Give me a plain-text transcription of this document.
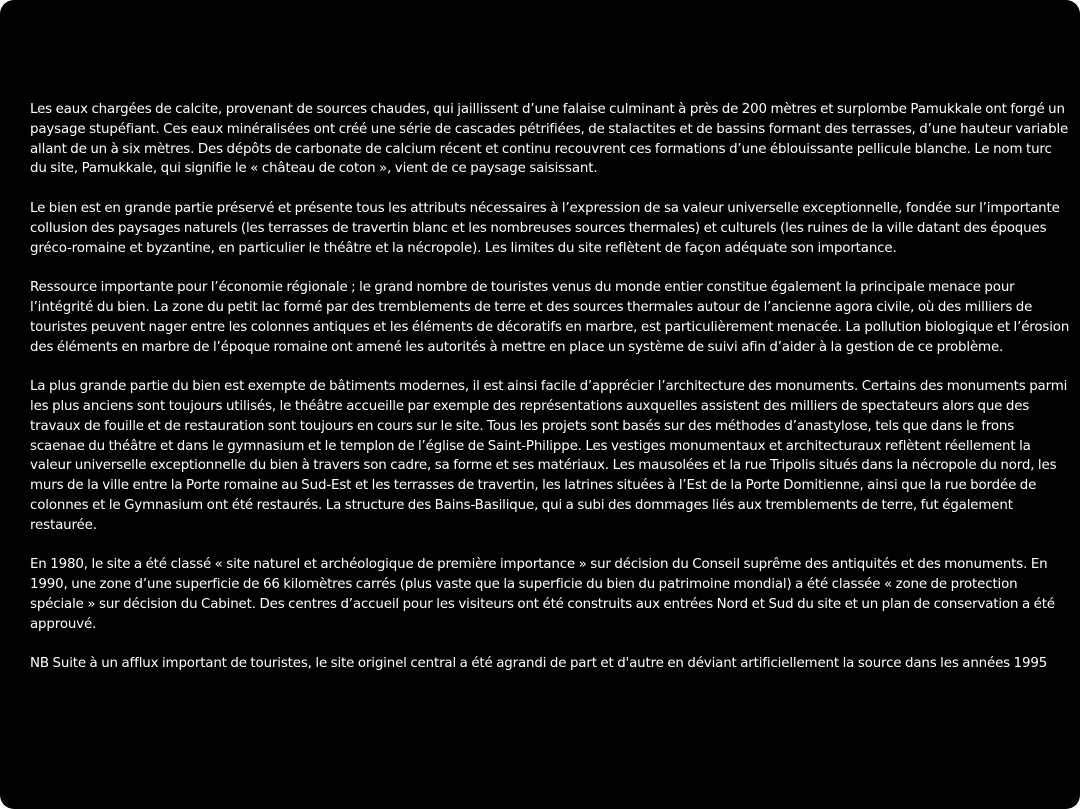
Les eaux chargées de calcite, provenant de sources chaudes, qui jaillissent d’une falaise culminant à près de 200 mètres et surplombe Pamukkale ont forgé un paysage stupéfiant. Ces eaux minéralisées ont créé une série de cascades pétrifiées, de stalactites et de bassins formant des terrasses, d’une hauteur variable allant de un à six mètres. Des dépôts de carbonate de calcium récent et continu recouvrent ces formations d’une éblouissante pellicule blanche. Le nom turc du site, Pamukkale, qui signifie le « château de coton », vient de ce paysage saisissant.

Le bien est en grande partie préservé et présente tous les attributs nécessaires à l’expression de sa valeur universelle exceptionnelle, fondée sur l’importante collusion des paysages naturels (les terrasses de travertin blanc et les nombreuses sources thermales) et culturels (les ruines de la ville datant des époques gréco-romaine et byzantine, en particulier le théâtre et la nécropole). Les limites du site reflètent de façon adéquate son importance.

Ressource importante pour l’économie régionale ; le grand nombre de touristes venus du monde entier constitue également la principale menace pour l’intégrité du bien. La zone du petit lac formé par des tremblements de terre et des sources thermales autour de l’ancienne agora civile, où des milliers de touristes peuvent nager entre les colonnes antiques et les éléments de décoratifs en marbre, est particulièrement menacée. La pollution biologique et l’érosion des éléments en marbre de l’époque romaine ont amené les autorités à mettre en place un système de suivi afin d’aider à la gestion de ce problème.

La plus grande partie du bien est exempte de bâtiments modernes, il est ainsi facile d’apprécier l’architecture des monuments. Certains des monuments parmi les plus anciens sont toujours utilisés, le théâtre accueille par exemple des représentations auxquelles assistent des milliers de spectateurs alors que des travaux de fouille et de restauration sont toujours en cours sur le site. Tous les projets sont basés sur des méthodes d’anastylose, tels que dans le frons scaenae du théâtre et dans le gymnasium et le templon de l’église de Saint-Philippe. Les vestiges monumentaux et architecturaux reflètent réellement la valeur universelle exceptionnelle du bien à travers son cadre, sa forme et ses matériaux. Les mausolées et la rue Tripolis situés dans la nécropole du nord, les murs de la ville entre la Porte romaine au Sud-Est et les terrasses de travertin, les latrines situées à l’Est de la Porte Domitienne, ainsi que la rue bordée de colonnes et le Gymnasium ont été restaurés. La structure des Bains-Basilique, qui a subi des dommages liés aux tremblements de terre, fut également restaurée.

En 1980, le site a été classé « site naturel et archéologique de première importance » sur décision du Conseil suprême des antiquités et des monuments. En 1990, une zone d’une superficie de 66 kilomètres carrés (plus vaste que la superficie du bien du patrimoine mondial) a été classée « zone de protection spéciale » sur décision du Cabinet. Des centres d’accueil pour les visiteurs ont été construits aux entrées Nord et Sud du site et un plan de conservation a été approuvé.

NB Suite à un afflux important de touristes, le site originel central a été agrandi de part et d'autre en déviant artificiellement la source dans les années 1995
